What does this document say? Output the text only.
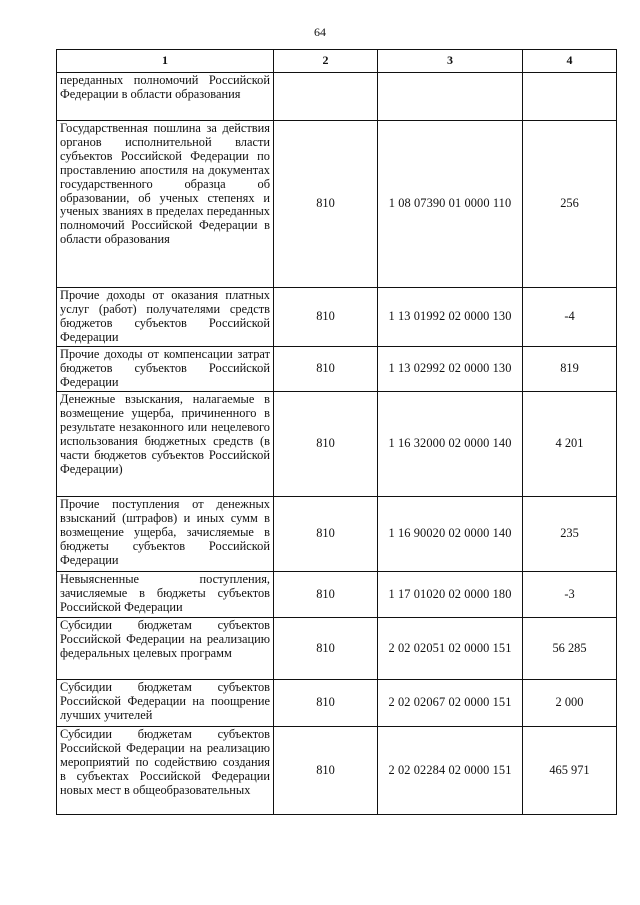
64
1	2	3	4

переданных полномочий Российской Федерации в области образования			

Государственная пошлина за действия органов исполнительной власти субъектов Российской Федерации по проставлению апостиля на документах государственного образца об образовании, об ученых степенях и ученых званиях в пределах переданных полномочий Российской Федерации в области образования	810	1 08 07390 01 0000 110	256

Прочие доходы от оказания платных услуг (работ) получателями средств бюджетов субъектов Российской Федерации	810	1 13 01992 02 0000 130	-4

Прочие доходы от компенсации затрат бюджетов субъектов Российской Федерации	810	1 13 02992 02 0000 130	819

Денежные взыскания, налагаемые в возмещение ущерба, причиненного в результате незаконного или нецелевого использования бюджетных средств (в части бюджетов субъектов Российской Федерации)	810	1 16 32000 02 0000 140	4 201

Прочие поступления от денежных взысканий (штрафов) и иных сумм в возмещение ущерба, зачисляемые в бюджеты субъектов Российской Федерации	810	1 16 90020 02 0000 140	235

Невыясненные поступления, зачисляемые в бюджеты субъектов Российской Федерации	810	1 17 01020 02 0000 180	-3

Субсидии бюджетам субъектов Российской Федерации на реализацию федеральных целевых программ	810	2 02 02051 02 0000 151	56 285

Субсидии бюджетам субъектов Российской Федерации на поощрение лучших учителей	810	2 02 02067 02 0000 151	2 000

Субсидии бюджетам субъектов Российской Федерации на реализацию мероприятий по содействию создания в субъектах Российской Федерации новых мест в общеобразовательных	810	2 02 02284 02 0000 151	465 971
